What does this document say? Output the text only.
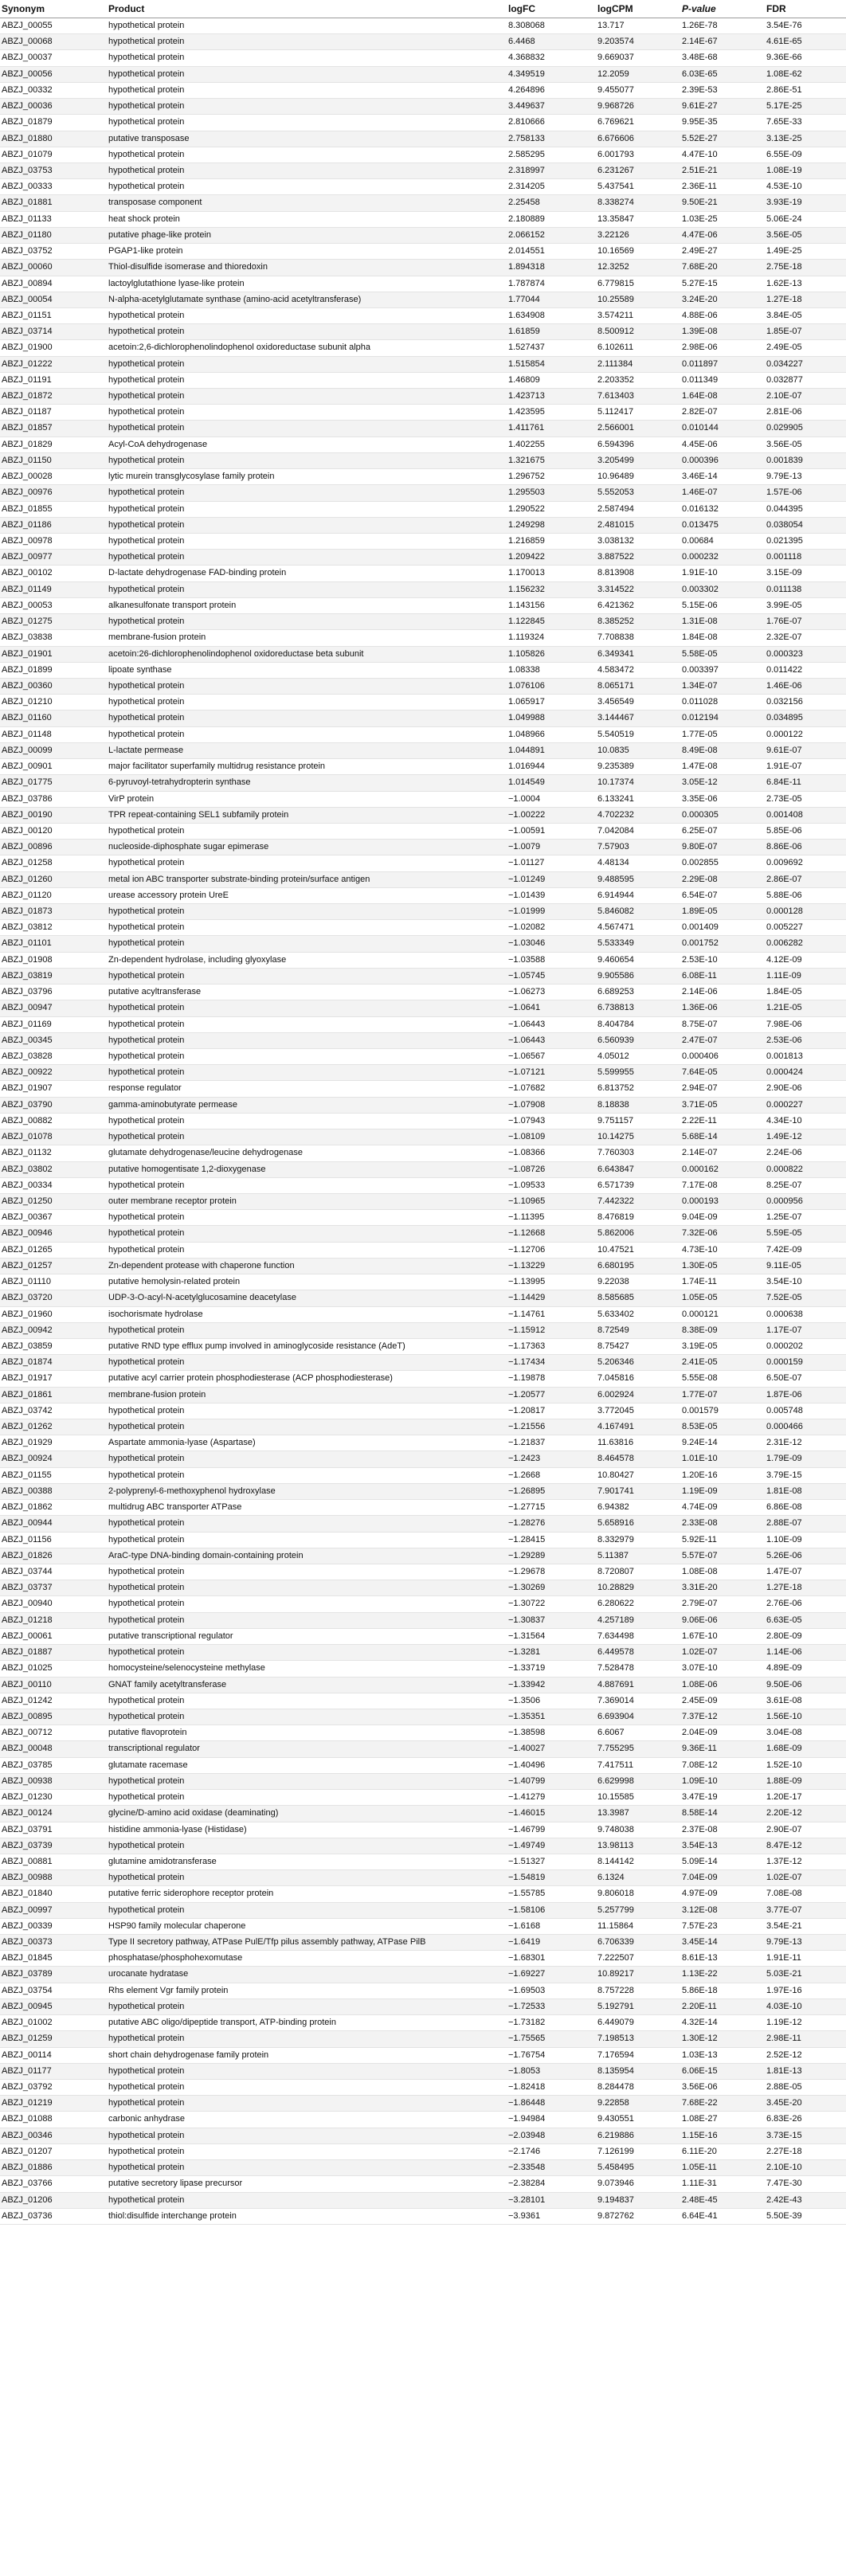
Synonym	Product	logFC	logCPM	P-value	FDR
ABZJ_00055	hypothetical protein	8.308068	13.717	1.26E-78	3.54E-76
ABZJ_00068	hypothetical protein	6.4468	9.203574	2.14E-67	4.61E-65
ABZJ_00037	hypothetical protein	4.368832	9.669037	3.48E-68	9.36E-66
ABZJ_00056	hypothetical protein	4.349519	12.2059	6.03E-65	1.08E-62
ABZJ_00332	hypothetical protein	4.264896	9.455077	2.39E-53	2.86E-51
ABZJ_00036	hypothetical protein	3.449637	9.968726	9.61E-27	5.17E-25
ABZJ_01879	hypothetical protein	2.810666	6.769621	9.95E-35	7.65E-33
ABZJ_01880	putative transposase	2.758133	6.676606	5.52E-27	3.13E-25
ABZJ_01079	hypothetical protein	2.585295	6.001793	4.47E-10	6.55E-09
ABZJ_03753	hypothetical protein	2.318997	6.231267	2.51E-21	1.08E-19
ABZJ_00333	hypothetical protein	2.314205	5.437541	2.36E-11	4.53E-10
ABZJ_01881	transposase component	2.25458	8.338274	9.50E-21	3.93E-19
ABZJ_01133	heat shock protein	2.180889	13.35847	1.03E-25	5.06E-24
ABZJ_01180	putative phage-like protein	2.066152	3.22126	4.47E-06	3.56E-05
ABZJ_03752	PGAP1-like protein	2.014551	10.16569	2.49E-27	1.49E-25
ABZJ_00060	Thiol-disulfide isomerase and thioredoxin	1.894318	12.3252	7.68E-20	2.75E-18
ABZJ_00894	lactoylglutathione lyase-like protein	1.787874	6.779815	5.27E-15	1.62E-13
ABZJ_00054	N-alpha-acetylglutamate synthase (amino-acid acetyltransferase)	1.77044	10.25589	3.24E-20	1.27E-18
ABZJ_01151	hypothetical protein	1.634908	3.574211	4.88E-06	3.84E-05
ABZJ_03714	hypothetical protein	1.61859	8.500912	1.39E-08	1.85E-07
ABZJ_01900	acetoin:2,6-dichlorophenolindophenol oxidoreductase subunit alpha	1.527437	6.102611	2.98E-06	2.49E-05
ABZJ_01222	hypothetical protein	1.515854	2.111384	0.011897	0.034227
ABZJ_01191	hypothetical protein	1.46809	2.203352	0.011349	0.032877
ABZJ_01872	hypothetical protein	1.423713	7.613403	1.64E-08	2.10E-07
ABZJ_01187	hypothetical protein	1.423595	5.112417	2.82E-07	2.81E-06
ABZJ_01857	hypothetical protein	1.411761	2.566001	0.010144	0.029905
ABZJ_01829	Acyl-CoA dehydrogenase	1.402255	6.594396	4.45E-06	3.56E-05
ABZJ_01150	hypothetical protein	1.321675	3.205499	0.000396	0.001839
ABZJ_00028	lytic murein transglycosylase family protein	1.296752	10.96489	3.46E-14	9.79E-13
ABZJ_00976	hypothetical protein	1.295503	5.552053	1.46E-07	1.57E-06
ABZJ_01855	hypothetical protein	1.290522	2.587494	0.016132	0.044395
ABZJ_01186	hypothetical protein	1.249298	2.481015	0.013475	0.038054
ABZJ_00978	hypothetical protein	1.216859	3.038132	0.00684	0.021395
ABZJ_00977	hypothetical protein	1.209422	3.887522	0.000232	0.001118
ABZJ_00102	D-lactate dehydrogenase FAD-binding protein	1.170013	8.813908	1.91E-10	3.15E-09
ABZJ_01149	hypothetical protein	1.156232	3.314522	0.003302	0.011138
ABZJ_00053	alkanesulfonate transport protein	1.143156	6.421362	5.15E-06	3.99E-05
ABZJ_01275	hypothetical protein	1.122845	8.385252	1.31E-08	1.76E-07
ABZJ_03838	membrane-fusion protein	1.119324	7.708838	1.84E-08	2.32E-07
ABZJ_01901	acetoin:26-dichlorophenolindophenol oxidoreductase beta subunit	1.105826	6.349341	5.58E-05	0.000323
ABZJ_01899	lipoate synthase	1.08338	4.583472	0.003397	0.011422
ABZJ_00360	hypothetical protein	1.076106	8.065171	1.34E-07	1.46E-06
ABZJ_01210	hypothetical protein	1.065917	3.456549	0.011028	0.032156
ABZJ_01160	hypothetical protein	1.049988	3.144467	0.012194	0.034895
ABZJ_01148	hypothetical protein	1.048966	5.540519	1.77E-05	0.000122
ABZJ_00099	L-lactate permease	1.044891	10.0835	8.49E-08	9.61E-07
ABZJ_00901	major facilitator superfamily multidrug resistance protein	1.016944	9.235389	1.47E-08	1.91E-07
ABZJ_01775	6-pyruvoyl-tetrahydropterin synthase	1.014549	10.17374	3.05E-12	6.84E-11
ABZJ_03786	VirP protein	−1.0004	6.133241	3.35E-06	2.73E-05
ABZJ_00190	TPR repeat-containing SEL1 subfamily protein	−1.00222	4.702232	0.000305	0.001408
ABZJ_00120	hypothetical protein	−1.00591	7.042084	6.25E-07	5.85E-06
ABZJ_00896	nucleoside-diphosphate sugar epimerase	−1.0079	7.57903	9.80E-07	8.86E-06
ABZJ_01258	hypothetical protein	−1.01127	4.48134	0.002855	0.009692
ABZJ_01260	metal ion ABC transporter substrate-binding protein/surface antigen	−1.01249	9.488595	2.29E-08	2.86E-07
ABZJ_01120	urease accessory protein UreE	−1.01439	6.914944	6.54E-07	5.88E-06
ABZJ_01873	hypothetical protein	−1.01999	5.846082	1.89E-05	0.000128
ABZJ_03812	hypothetical protein	−1.02082	4.567471	0.001409	0.005227
ABZJ_01101	hypothetical protein	−1.03046	5.533349	0.001752	0.006282
ABZJ_01908	Zn-dependent hydrolase, including glyoxylase	−1.03588	9.460654	2.53E-10	4.12E-09
ABZJ_03819	hypothetical protein	−1.05745	9.905586	6.08E-11	1.11E-09
ABZJ_03796	putative acyltransferase	−1.06273	6.689253	2.14E-06	1.84E-05
ABZJ_00947	hypothetical protein	−1.0641	6.738813	1.36E-06	1.21E-05
ABZJ_01169	hypothetical protein	−1.06443	8.404784	8.75E-07	7.98E-06
ABZJ_00345	hypothetical protein	−1.06443	6.560939	2.47E-07	2.53E-06
ABZJ_03828	hypothetical protein	−1.06567	4.05012	0.000406	0.001813
ABZJ_00922	hypothetical protein	−1.07121	5.599955	7.64E-05	0.000424
ABZJ_01907	response regulator	−1.07682	6.813752	2.94E-07	2.90E-06
ABZJ_03790	gamma-aminobutyrate permease	−1.07908	8.18838	3.71E-05	0.000227
ABZJ_00882	hypothetical protein	−1.07943	9.751157	2.22E-11	4.34E-10
ABZJ_01078	hypothetical protein	−1.08109	10.14275	5.68E-14	1.49E-12
ABZJ_01132	glutamate dehydrogenase/leucine dehydrogenase	−1.08366	7.760303	2.14E-07	2.24E-06
ABZJ_03802	putative homogentisate 1,2-dioxygenase	−1.08726	6.643847	0.000162	0.000822
ABZJ_00334	hypothetical protein	−1.09533	6.571739	7.17E-08	8.25E-07
ABZJ_01250	outer membrane receptor protein	−1.10965	7.442322	0.000193	0.000956
ABZJ_00367	hypothetical protein	−1.11395	8.476819	9.04E-09	1.25E-07
ABZJ_00946	hypothetical protein	−1.12668	5.862006	7.32E-06	5.59E-05
ABZJ_01265	hypothetical protein	−1.12706	10.47521	4.73E-10	7.42E-09
ABZJ_01257	Zn-dependent protease with chaperone function	−1.13229	6.680195	1.30E-05	9.11E-05
ABZJ_01110	putative hemolysin-related protein	−1.13995	9.22038	1.74E-11	3.54E-10
ABZJ_03720	UDP-3-O-acyl-N-acetylglucosamine deacetylase	−1.14429	8.585685	1.05E-05	7.52E-05
ABZJ_01960	isochorismate hydrolase	−1.14761	5.633402	0.000121	0.000638
ABZJ_00942	hypothetical protein	−1.15912	8.72549	8.38E-09	1.17E-07
ABZJ_03859	putative RND type efflux pump involved in aminoglycoside resistance (AdeT)	−1.17363	8.75427	3.19E-05	0.000202
ABZJ_01874	hypothetical protein	−1.17434	5.206346	2.41E-05	0.000159
ABZJ_01917	putative acyl carrier protein phosphodiesterase (ACP phosphodiesterase)	−1.19878	7.045816	5.55E-08	6.50E-07
ABZJ_01861	membrane-fusion protein	−1.20577	6.002924	1.77E-07	1.87E-06
ABZJ_03742	hypothetical protein	−1.20817	3.772045	0.001579	0.005748
ABZJ_01262	hypothetical protein	−1.21556	4.167491	8.53E-05	0.000466
ABZJ_01929	Aspartate ammonia-lyase (Aspartase)	−1.21837	11.63816	9.24E-14	2.31E-12
ABZJ_00924	hypothetical protein	−1.2423	8.464578	1.01E-10	1.79E-09
ABZJ_01155	hypothetical protein	−1.2668	10.80427	1.20E-16	3.79E-15
ABZJ_00388	2-polyprenyl-6-methoxyphenol hydroxylase	−1.26895	7.901741	1.19E-09	1.81E-08
ABZJ_01862	multidrug ABC transporter ATPase	−1.27715	6.94382	4.74E-09	6.86E-08
ABZJ_00944	hypothetical protein	−1.28276	5.658916	2.33E-08	2.88E-07
ABZJ_01156	hypothetical protein	−1.28415	8.332979	5.92E-11	1.10E-09
ABZJ_01826	AraC-type DNA-binding domain-containing protein	−1.29289	5.11387	5.57E-07	5.26E-06
ABZJ_03744	hypothetical protein	−1.29678	8.720807	1.08E-08	1.47E-07
ABZJ_03737	hypothetical protein	−1.30269	10.28829	3.31E-20	1.27E-18
ABZJ_00940	hypothetical protein	−1.30722	6.280622	2.79E-07	2.76E-06
ABZJ_01218	hypothetical protein	−1.30837	4.257189	9.06E-06	6.63E-05
ABZJ_00061	putative transcriptional regulator	−1.31564	7.634498	1.67E-10	2.80E-09
ABZJ_01887	hypothetical protein	−1.3281	6.449578	1.02E-07	1.14E-06
ABZJ_01025	homocysteine/selenocysteine methylase	−1.33719	7.528478	3.07E-10	4.89E-09
ABZJ_00110	GNAT family acetyltransferase	−1.33942	4.887691	1.08E-06	9.50E-06
ABZJ_01242	hypothetical protein	−1.3506	7.369014	2.45E-09	3.61E-08
ABZJ_00895	hypothetical protein	−1.35351	6.693904	7.37E-12	1.56E-10
ABZJ_00712	putative flavoprotein	−1.38598	6.6067	2.04E-09	3.04E-08
ABZJ_00048	transcriptional regulator	−1.40027	7.755295	9.36E-11	1.68E-09
ABZJ_03785	glutamate racemase	−1.40496	7.417511	7.08E-12	1.52E-10
ABZJ_00938	hypothetical protein	−1.40799	6.629998	1.09E-10	1.88E-09
ABZJ_01230	hypothetical protein	−1.41279	10.15585	3.47E-19	1.20E-17
ABZJ_00124	glycine/D-amino acid oxidase (deaminating)	−1.46015	13.3987	8.58E-14	2.20E-12
ABZJ_03791	histidine ammonia-lyase (Histidase)	−1.46799	9.748038	2.37E-08	2.90E-07
ABZJ_03739	hypothetical protein	−1.49749	13.98113	3.54E-13	8.47E-12
ABZJ_00881	glutamine amidotransferase	−1.51327	8.144142	5.09E-14	1.37E-12
ABZJ_00988	hypothetical protein	−1.54819	6.1324	7.04E-09	1.02E-07
ABZJ_01840	putative ferric siderophore receptor protein	−1.55785	9.806018	4.97E-09	7.08E-08
ABZJ_00997	hypothetical protein	−1.58106	5.257799	3.12E-08	3.77E-07
ABZJ_00339	HSP90 family molecular chaperone	−1.6168	11.15864	7.57E-23	3.54E-21
ABZJ_00373	Type II secretory pathway, ATPase PulE/Tfp pilus assembly pathway, ATPase PilB	−1.6419	6.706339	3.45E-14	9.79E-13
ABZJ_01845	phosphatase/phosphohexomutase	−1.68301	7.222507	8.61E-13	1.91E-11
ABZJ_03789	urocanate hydratase	−1.69227	10.89217	1.13E-22	5.03E-21
ABZJ_03754	Rhs element Vgr family protein	−1.69503	8.757228	5.86E-18	1.97E-16
ABZJ_00945	hypothetical protein	−1.72533	5.192791	2.20E-11	4.03E-10
ABZJ_01002	putative ABC oligo/dipeptide transport, ATP-binding protein	−1.73182	6.449079	4.32E-14	1.19E-12
ABZJ_01259	hypothetical protein	−1.75565	7.198513	1.30E-12	2.98E-11
ABZJ_00114	short chain dehydrogenase family protein	−1.76754	7.176594	1.03E-13	2.52E-12
ABZJ_01177	hypothetical protein	−1.8053	8.135954	6.06E-15	1.81E-13
ABZJ_03792	hypothetical protein	−1.82418	8.284478	3.56E-06	2.88E-05
ABZJ_01219	hypothetical protein	−1.86448	9.22858	7.68E-22	3.45E-20
ABZJ_01088	carbonic anhydrase	−1.94984	9.430551	1.08E-27	6.83E-26
ABZJ_00346	hypothetical protein	−2.03948	6.219886	1.15E-16	3.73E-15
ABZJ_01207	hypothetical protein	−2.1746	7.126199	6.11E-20	2.27E-18
ABZJ_01886	hypothetical protein	−2.33548	5.458495	1.05E-11	2.10E-10
ABZJ_03766	putative secretory lipase precursor	−2.38284	9.073946	1.11E-31	7.47E-30
ABZJ_01206	hypothetical protein	−3.28101	9.194837	2.48E-45	2.42E-43
ABZJ_03736	thiol:disulfide interchange protein	−3.9361	9.872762	6.64E-41	5.50E-39
